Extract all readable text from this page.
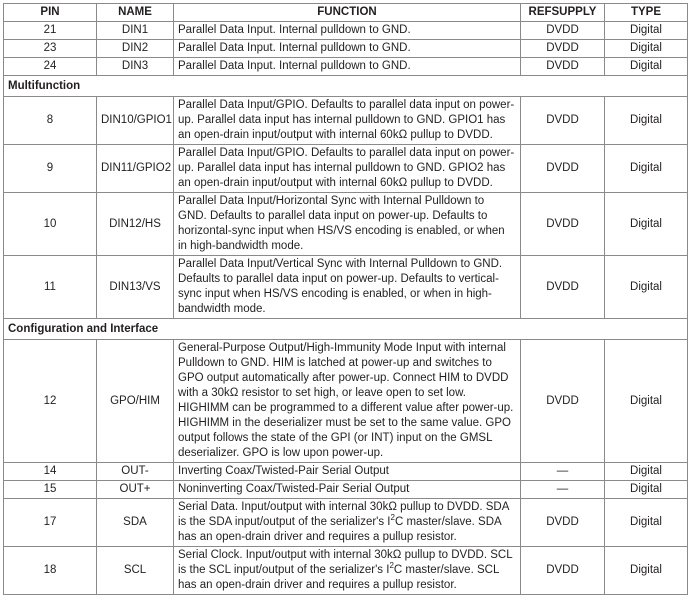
PIN	NAME	FUNCTION	REFSUPPLY	TYPE
21	DIN1	Parallel Data Input. Internal pulldown to GND.	DVDD	Digital
23	DIN2	Parallel Data Input. Internal pulldown to GND.	DVDD	Digital
24	DIN3	Parallel Data Input. Internal pulldown to GND.	DVDD	Digital
Multifunction				
8	DIN10/GPIO1	Parallel Data Input/GPIO. Defaults to parallel data input on power-up. Parallel data input has internal pulldown to GND. GPIO1 has an open-drain input/output with internal 60kΩ pullup to DVDD.	DVDD	Digital
9	DIN11/GPIO2	Parallel Data Input/GPIO. Defaults to parallel data input on power-up. Parallel data input has internal pulldown to GND. GPIO2 has an open-drain input/output with internal 60kΩ pullup to DVDD.	DVDD	Digital
10	DIN12/HS	Parallel Data Input/Horizontal Sync with Internal Pulldown to GND. Defaults to parallel data input on power-up. Defaults to horizontal-sync input when HS/VS encoding is enabled, or when in high-bandwidth mode.	DVDD	Digital
11	DIN13/VS	Parallel Data Input/Vertical Sync with Internal Pulldown to GND. Defaults to parallel data input on power-up. Defaults to vertical-sync input when HS/VS encoding is enabled, or when in high-bandwidth mode.	DVDD	Digital
Configuration and Interface				
12	GPO/HIM	General-Purpose Output/High-Immunity Mode Input with internal Pulldown to GND. HIM is latched at power-up and switches to GPO output automatically after power-up. Connect HIM to DVDD with a 30kΩ resistor to set high, or leave open to set low. HIGHIMM can be programmed to a different value after power-up. HIGHIMM in the deserializer must be set to the same value. GPO output follows the state of the GPI (or INT) input on the GMSL deserializer. GPO is low upon power-up.	DVDD	Digital
14	OUT-	Inverting Coax/Twisted-Pair Serial Output	—	Digital
15	OUT+	Noninverting Coax/Twisted-Pair Serial Output	—	Digital
17	SDA	Serial Data. Input/output with internal 30kΩ pullup to DVDD. SDA is the SDA input/output of the serializer's $I^2C$ master/slave. SDA has an open-drain driver and requires a pullup resistor.	DVDD	Digital
18	SCL	Serial Clock. Input/output with internal 30kΩ pullup to DVDD. SCL is the SCL input/output of the serializer's $I^2C$ master/slave. SCL has an open-drain driver and requires a pullup resistor.	DVDD	Digital
